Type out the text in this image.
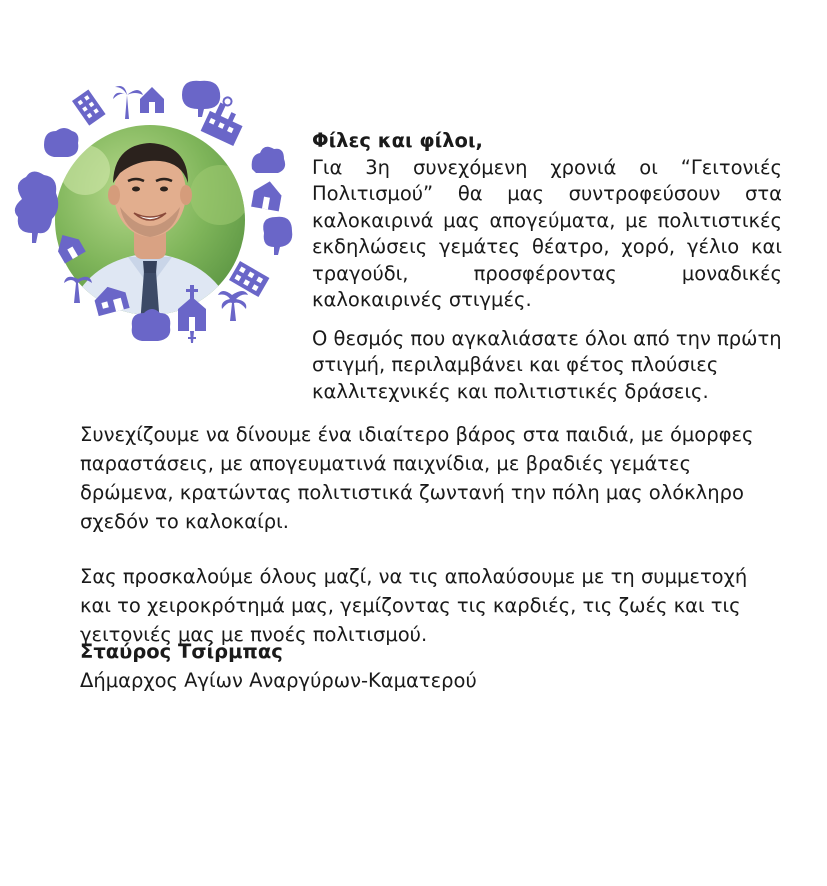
Φίλες και φίλοι,

Για 3η συνεχόμενη χρονιά οι “Γειτονιές Πολιτισμού” θα μας συντροφεύσουν στα καλοκαιρινά μας απογεύματα, με πολιτιστικές εκδηλώσεις γεμάτες θέατρο, χορό, γέλιο και τραγούδι, προσφέροντας μοναδικές καλοκαιρινές στιγμές.

Ο θεσμός που αγκαλιάσατε όλοι από την πρώτη στιγμή, περιλαμβάνει και φέτος πλούσιες καλλιτεχνικές και πολιτιστικές δράσεις.

Συνεχίζουμε να δίνουμε ένα ιδιαίτερο βάρος στα παιδιά, με όμορφες παραστάσεις, με απογευματινά παιχνίδια, με βραδιές γεμάτες δρώμενα, κρατώντας πολιτιστικά ζωντανή την πόλη μας ολόκληρο σχεδόν το καλοκαίρι.

Σας προσκαλούμε όλους μαζί, να τις απολαύσουμε με τη συμμετοχή και το χειροκρότημά μας, γεμίζοντας τις καρδιές, τις ζωές και τις γειτονιές μας με πνοές πολιτισμού.

Σταύρος Τσίρμπας
Δήμαρχος Αγίων Αναργύρων-Καματερού
